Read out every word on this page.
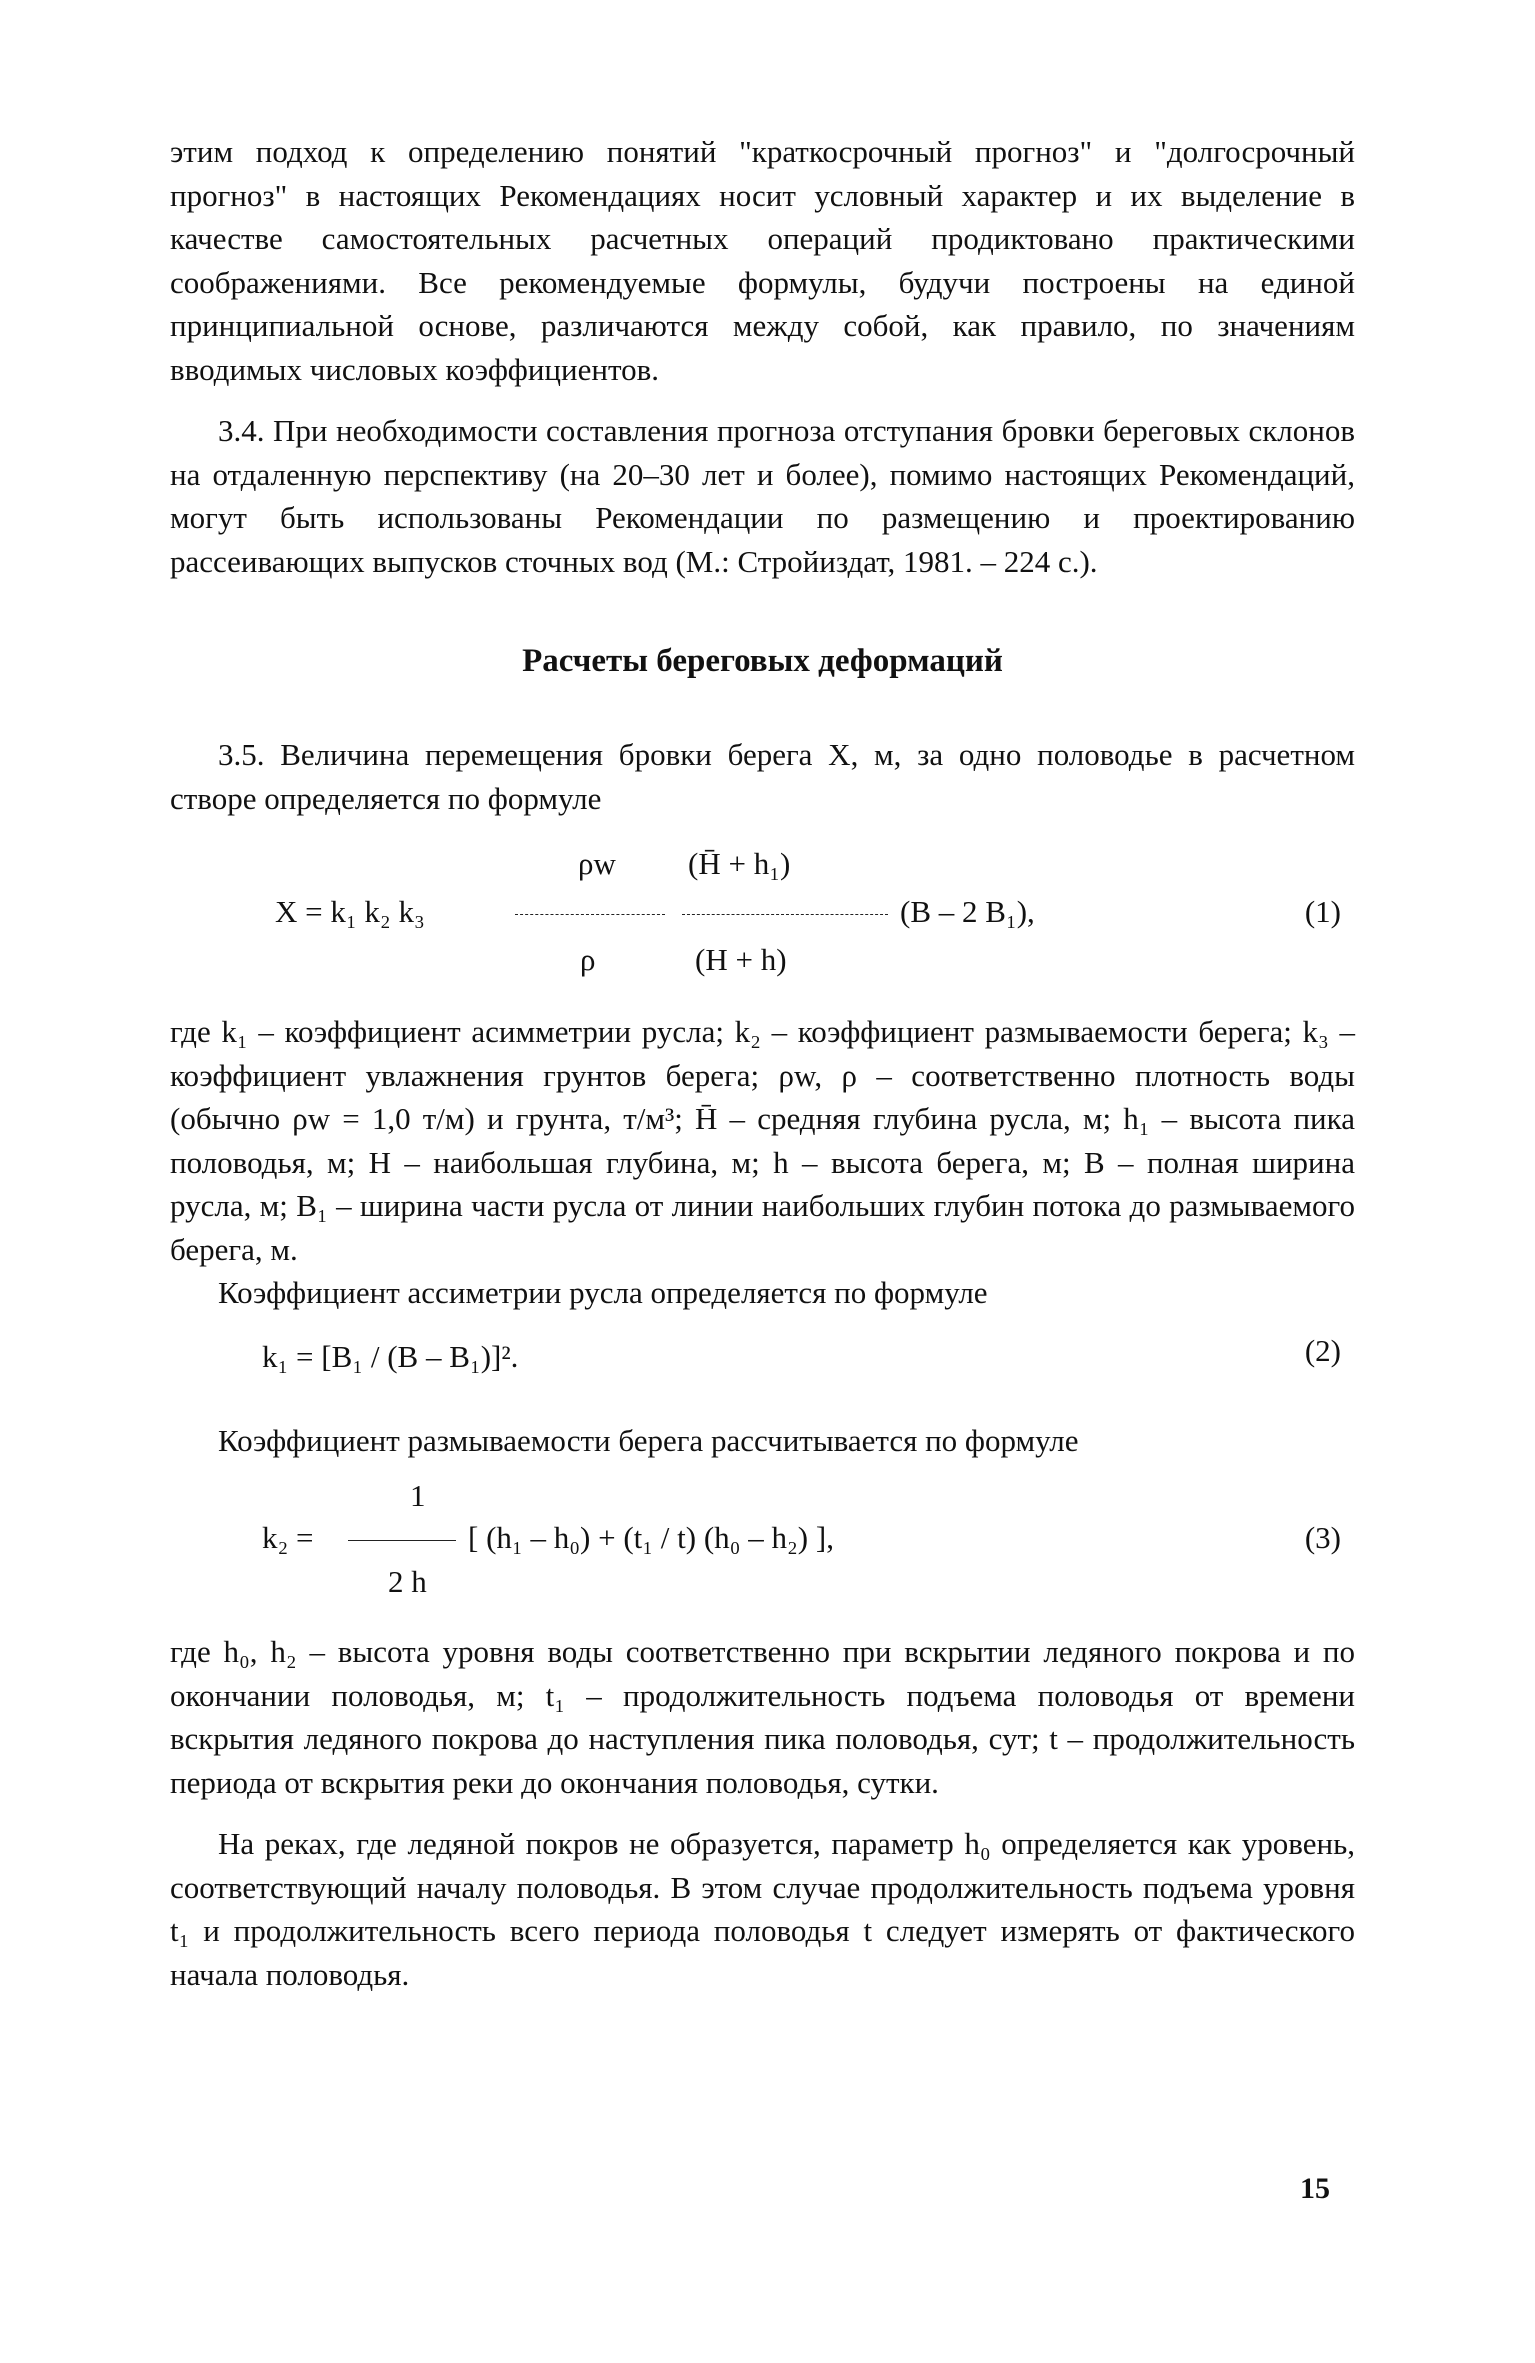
этим подход к определению понятий "краткосрочный прогноз" и "долгосрочный прогноз" в настоящих Рекомендациях носит условный характер и их выделение в качестве самостоятельных расчетных операций продиктовано практическими соображениями. Все рекомендуемые формулы, будучи построены на единой принципиальной основе, различаются между собой, как правило, по значениям вводимых числовых коэффициентов.

3.4. При необходимости составления прогноза отступания бровки береговых склонов на отдаленную перспективу (на 20–30 лет и более), помимо настоящих Рекомендаций, могут быть использованы Рекомендации по размещению и проектированию рассеивающих выпусков сточных вод (М.: Стройиздат, 1981. – 224 с.).

Расчеты береговых деформаций

3.5. Величина перемещения бровки берега X, м, за одно половодье в расчетном створе определяется по формуле

X = k₁ k₂ k₃
ρw
ρ
(H̄ + h₁)
(H + h)
(B – 2 B₁),	(1)

где k₁ – коэффициент асимметрии русла; k₂ – коэффициент размываемости берега; k₃ – коэффициент увлажнения грунтов берега; ρw, ρ – соответственно плотность воды (обычно ρw = 1,0 т/м) и грунта, т/м³; H̄ – средняя глубина русла, м; h₁ – высота пика половодья, м; H – наибольшая глубина, м; h – высота берега, м; B – полная ширина русла, м; B₁ – ширина части русла от линии наибольших глубин потока до размываемого берега, м.

Коэффициент ассиметрии русла определяется по формуле

k₁ = [B₁ / (B – B₁)]².	(2)

Коэффициент размываемости берега рассчитывается по формуле

k₂ =
1
2 h
[ (h₁ – h₀) + (t₁ / t) (h₀ – h₂) ],	(3)

где h₀, h₂ – высота уровня воды соответственно при вскрытии ледяного покрова и по окончании половодья, м; t₁ – продолжительность подъема половодья от времени вскрытия ледяного покрова до наступления пика половодья, сут; t – продолжительность периода от вскрытия реки до окончания половодья, сутки.

На реках, где ледяной покров не образуется, параметр h₀ определяется как уровень, соответствующий началу половодья. В этом случае продолжительность подъема уровня t₁ и продолжительность всего периода половодья t следует измерять от фактического начала половодья.

15
